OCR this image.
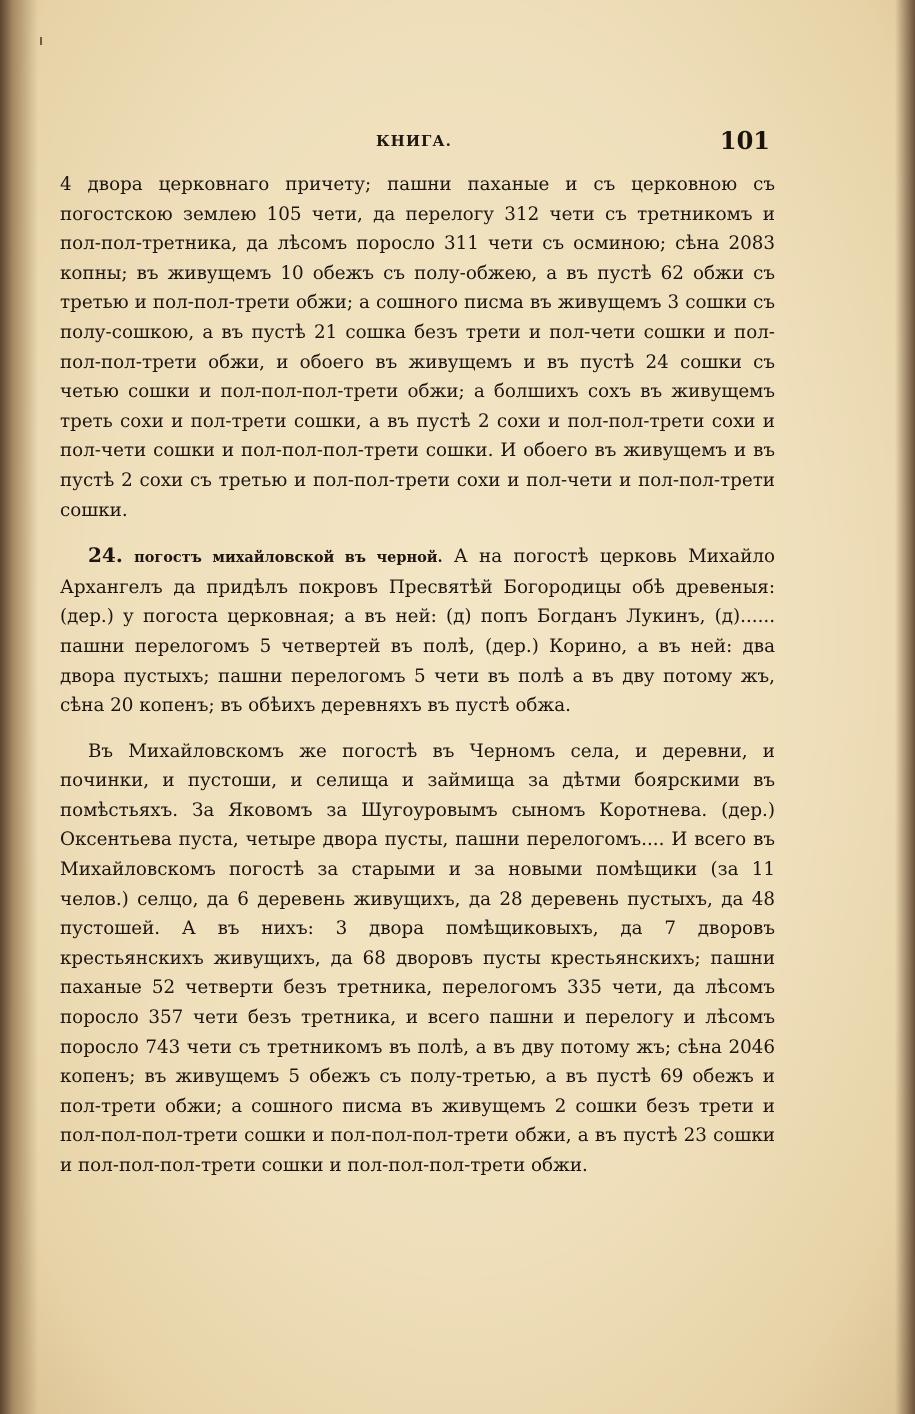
КНИГА.	101

4 двора церковнаго причету; пашни паханые и съ церковною съ погостскою землею 105 чети, да перелогу 312 чети съ третникомъ и пол-пол-третника, да лѣсомъ поросло 311 чети съ осминою; сѣна 2083 копны; въ живущемъ 10 обежъ съ полу-обжею, а въ пустѣ 62 обжи съ третью и пол-пол-трети обжи; а сошного писма въ живущемъ 3 сошки съ полу-сошкою, а въ пустѣ 21 сошка безъ трети и пол-чети сошки и пол-пол-пол-трети обжи, и обоего въ живущемъ и въ пустѣ 24 сошки съ четью сошки и пол-пол-пол-трети обжи; а болшихъ сохъ въ живущемъ треть сохи и пол-трети сошки, а въ пустѣ 2 сохи и пол-пол-трети сохи и пол-чети сошки и пол-пол-пол-трети сошки. И обоего въ живущемъ и въ пустѣ 2 сохи съ третью и пол-пол-трети сохи и пол-чети и пол-пол-трети сошки.

24. погостъ михайловской въ черной. А на погостѣ церковь Михайло Архангелъ да придѣлъ покровъ Пресвятѣй Богородицы обѣ древеныя: (дер.) у погоста церковная; а въ ней: (д) попъ Богданъ Лукинъ, (д)...... пашни перелогомъ 5 четвертей въ полѣ, (дер.) Корино, а въ ней: два двора пустыхъ; пашни перелогомъ 5 чети въ полѣ а въ дву потому жъ, сѣна 20 копенъ; въ обѣихъ деревняхъ въ пустѣ обжа.

Въ Михайловскомъ же погостѣ въ Черномъ села, и деревни, и починки, и пустоши, и селища и займища за дѣтми боярскими въ помѣстьяхъ. За Яковомъ за Шугоуровымъ сыномъ Коротнева. (дер.) Оксентьева пуста, четыре двора пусты, пашни перелогомъ.... И всего въ Михайловскомъ погостѣ за старыми и за новыми помѣщики (за 11 челов.) селцо, да 6 деревень живущихъ, да 28 деревень пустыхъ, да 48 пустошей. А въ нихъ: 3 двора помѣщиковыхъ, да 7 дворовъ крестьянскихъ живущихъ, да 68 дворовъ пусты крестьянскихъ; пашни паханые 52 четверти безъ третника, перелогомъ 335 чети, да лѣсомъ поросло 357 чети безъ третника, и всего пашни и перелогу и лѣсомъ поросло 743 чети съ третникомъ въ полѣ, а въ дву потому жъ; сѣна 2046 копенъ; въ живущемъ 5 обежъ съ полу-третью, а въ пустѣ 69 обежъ и пол-трети обжи; а сошного писма въ живущемъ 2 сошки безъ трети и пол-пол-пол-трети сошки и пол-пол-пол-трети обжи, а въ пустѣ 23 сошки и пол-пол-пол-трети сошки и пол-пол-пол-трети обжи.
